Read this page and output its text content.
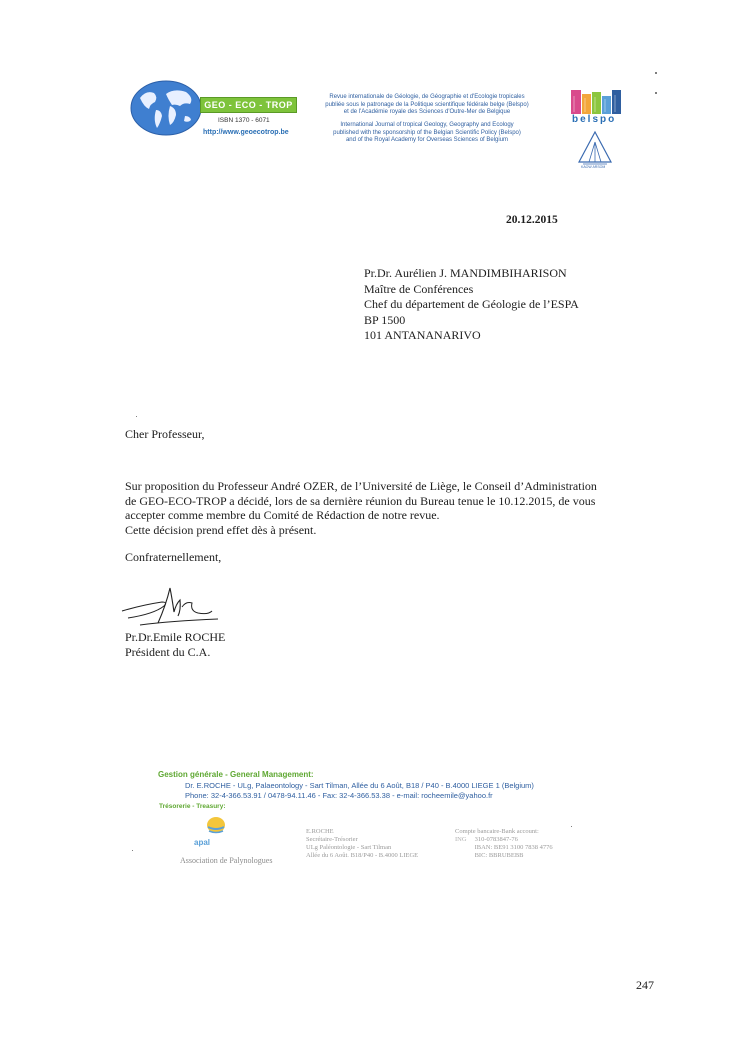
GEO - ECO - TROP
ISBN 1370 - 6071
http://www.geoecotrop.be
Revue internationale de Géologie, de Géographie et d'Ecologie tropicales
publiée sous le patronage de la Politique scientifique fédérale belge (Belspo)
et de l'Académie royale des Sciences d'Outre-Mer de Belgique
International Journal of tropical Geology, Geography and Ecology
published with the sponsorship of the Belgian Scientific Policy (Belspo)
and of the Royal Academy for Overseas Sciences of Belgium
belspo
KAOW ARSOM
20.12.2015
Pr.Dr. Aurélien J. MANDIMBIHARISON
Maître de Conférences
Chef du département de Géologie de l’ESPA
BP 1500
101 ANTANANARIVO
Cher Professeur,
Sur proposition du Professeur André OZER, de l’Université de Liège, le Conseil d’Administration
de GEO-ECO-TROP a décidé, lors de sa dernière réunion du Bureau tenue le 10.12.2015, de vous
accepter comme membre du Comité de Rédaction de notre revue.
Cette décision prend effet dès à présent.
Confraternellement,
Pr.Dr.Emile ROCHE
Président du C.A.
Gestion générale - General Management:
Dr. E.ROCHE - ULg, Palaeontology - Sart Tilman, Allée du 6 Août, B18 / P40 - B.4000 LIEGE 1 (Belgium)
Phone: 32-4-366.53.91 / 0478-94.11.46 - Fax: 32-4-366.53.38 - e-mail: rocheemile@yahoo.fr
Trésorerie - Treasury:
apal
Association de Palynologues
E.ROCHE
Secrétaire-Trésorier
ULg Paléontologie - Sart Tilman
Allée du 6 Août, B18/P40 - B.4000 LIEGE
Compte bancaire-Bank account:
ING 310-0783847-76
IBAN: BE91 3100 7838 4776
BIC: BBRUBEBB
247
